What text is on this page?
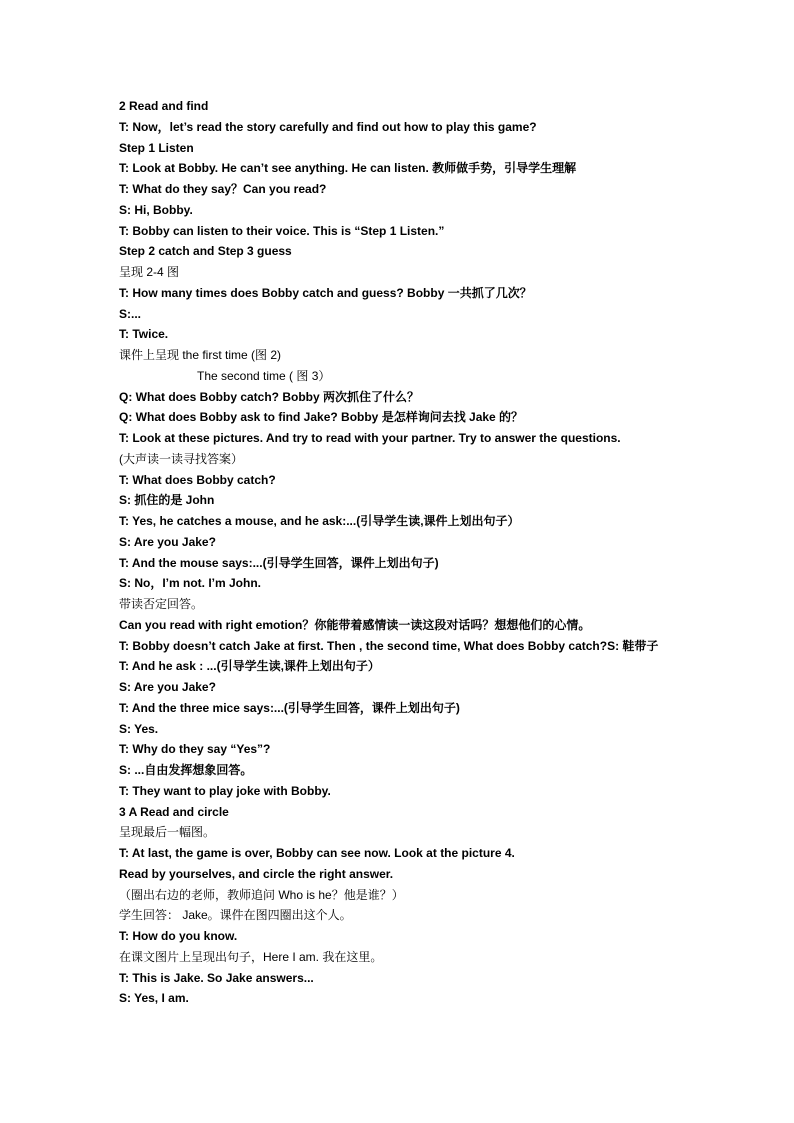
2 Read and find
T: Now，let’s read the story carefully and find out how to play this game?
Step 1 Listen
T: Look at Bobby. He can’t see anything. He can listen. 教师做手势，引导学生理解
T: What do they say？Can you read?
S: Hi, Bobby.
T: Bobby can listen to their voice. This is “Step 1 Listen.”
Step 2 catch and Step 3 guess
呈现 2-4 图
T: How many times does Bobby catch and guess? Bobby 一共抓了几次？
S:...
T: Twice.
课件上呈现 the first time (图 2)
The second time ( 图 3）
Q: What does Bobby catch? Bobby 两次抓住了什么？
Q: What does Bobby ask to find Jake? Bobby 是怎样询问去找 Jake 的？
T: Look at these pictures. And try to read with your partner. Try to answer the questions.
(大声读一读寻找答案）
T: What does Bobby catch?
S: 抓住的是 John
T: Yes, he catches a mouse, and he ask:...(引导学生读,课件上划出句子）
S: Are you Jake?
T: And the mouse says:...(引导学生回答，课件上划出句子)
S: No，I’m not. I’m John.
带读否定回答。
Can you read with right emotion？你能带着感情读一读这段对话吗？想想他们的心情。
T: Bobby doesn’t catch Jake at first. Then , the second time, What does Bobby catch?S: 鞋带子
T: And he ask : ...(引导学生读,课件上划出句子）
S: Are you Jake?
T: And the three mice says:...(引导学生回答，课件上划出句子)
S: Yes.
T: Why do they say “Yes”?
S: ...自由发挥想象回答。
T: They want to play joke with Bobby.
3 A Read and circle
呈现最后一幅图。
T: At last, the game is over, Bobby can see now. Look at the picture 4.
Read by yourselves, and circle the right answer.
（圈出右边的老师，教师追问 Who is he？他是谁？）
学生回答： Jake。课件在图四圈出这个人。
T: How do you know.
在课文图片上呈现出句子，Here I am. 我在这里。
T: This is Jake. So Jake answers...
S: Yes, I am.
